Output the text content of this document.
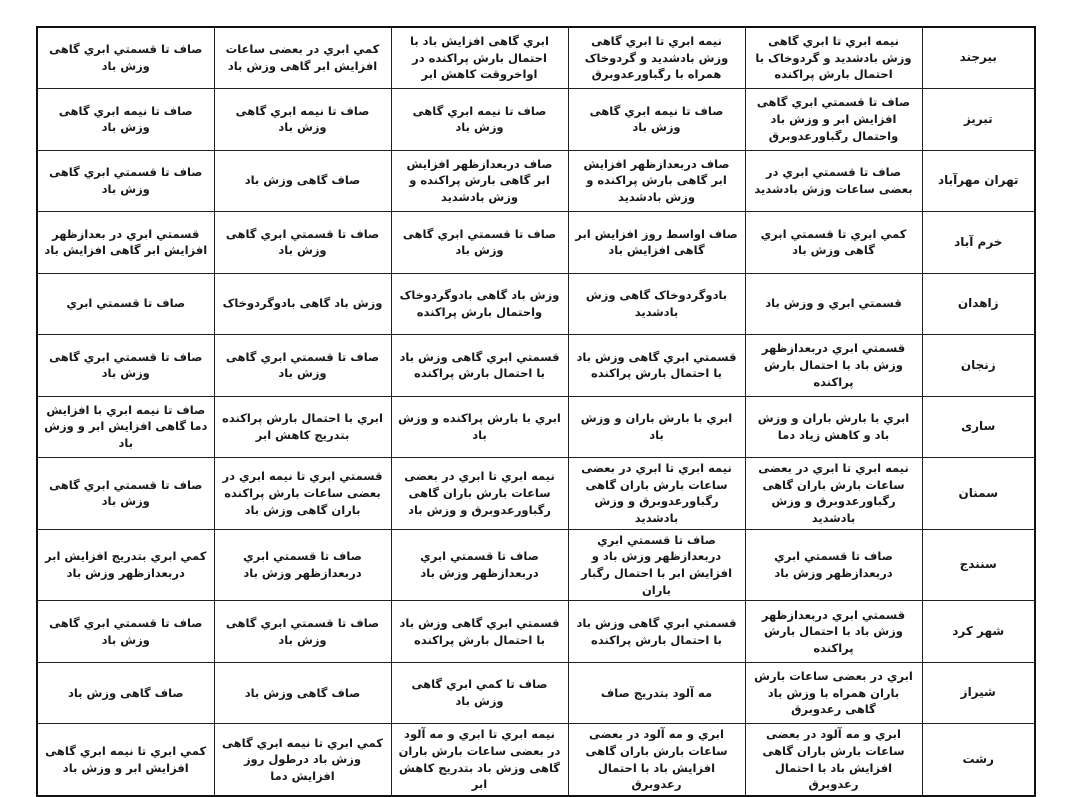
بیرجند	نیمه ابري تا ابري گاهی وزش بادشدید و گردوخاک با احتمال بارش پراکنده	نیمه ابري تا ابري گاهی وزش بادشدید و گردوخاک همراه با رگباورعدوبرق	ابري گاهی افزایش باد با احتمال بارش پراکنده در اواخروقت کاهش ابر	کمي ابري در بعضی ساعات افزایش ابر گاهی وزش باد	صاف تا قسمتي ابري گاهی وزش باد
تبریز	صاف تا قسمتي ابري گاهی افزایش ابر و وزش باد واحتمال رگباورعدوبرق	صاف تا نیمه ابري گاهی وزش باد	صاف تا نیمه ابري گاهی وزش باد	صاف تا نیمه ابري گاهی وزش باد	صاف تا نیمه ابري گاهی وزش باد
تهران مهرآباد	صاف تا قسمتي ابري در بعضی ساعات وزش بادشدید	صاف دربعدازظهر افزایش ابر گاهی بارش پراکنده و وزش بادشدید	صاف دربعدازظهر افزایش ابر گاهی بارش پراکنده و وزش بادشدید	صاف گاهی وزش باد	صاف تا قسمتي ابري گاهی وزش باد
خرم آباد	کمي ابري تا قسمتي ابري گاهی وزش باد	صاف اواسط روز افزایش ابر گاهی افزایش باد	صاف تا قسمتي ابري گاهی وزش باد	صاف تا قسمتي ابري گاهی وزش باد	قسمتي ابري در بعدازظهر افزایش ابر گاهی افزایش باد
زاهدان	قسمتي ابري و وزش باد	بادوگردوخاک گاهی وزش بادشدید	وزش باد گاهی بادوگردوخاک واحتمال بارش پراکنده	وزش باد گاهی بادوگردوخاک	صاف تا قسمتي ابري
زنجان	قسمتي ابري دربعدازظهر وزش باد با احتمال بارش پراکنده	قسمتي ابري گاهی وزش باد با احتمال بارش پراکنده	قسمتي ابري گاهی وزش باد با احتمال بارش پراکنده	صاف تا قسمتي ابري گاهی وزش باد	صاف تا قسمتي ابري گاهی وزش باد
ساری	ابري با بارش باران و وزش باد و کاهش زیاد دما	ابري با بارش باران و وزش باد	ابري با بارش پراکنده و وزش باد	ابري با احتمال بارش پراکنده بتدریج کاهش ابر	صاف تا نیمه ابري با افزایش دما گاهی افزایش ابر و وزش باد
سمنان	نیمه ابري تا ابري در بعضی ساعات بارش باران گاهی رگباورعدوبرق و وزش بادشدید	نیمه ابري تا ابري در بعضی ساعات بارش باران گاهی رگباورعدوبرق و وزش بادشدید	نیمه ابري تا ابري در بعضی ساعات بارش باران گاهی رگباورعدوبرق و وزش باد	قسمتي ابري تا نیمه ابري در بعضی ساعات بارش پراکنده باران گاهی وزش باد	صاف تا قسمتي ابري گاهی وزش باد
سنندج	صاف تا قسمتي ابري دربعدازظهر وزش باد	صاف تا قسمتي ابري دربعدازظهر وزش باد و افزایش ابر با احتمال رگبار باران	صاف تا قسمتي ابري دربعدازظهر وزش باد	صاف تا قسمتي ابري دربعدازظهر وزش باد	کمي ابري بتدریج افزایش ابر دربعدازظهر وزش باد
شهر کرد	قسمتي ابري دربعدازظهر وزش باد با احتمال بارش پراکنده	قسمتي ابري گاهی وزش باد با احتمال بارش پراکنده	قسمتي ابري گاهی وزش باد با احتمال بارش پراکنده	صاف تا قسمتي ابري گاهی وزش باد	صاف تا قسمتي ابري گاهی وزش باد
شیراز	ابري در بعضی ساعات بارش باران همراه با وزش باد گاهی رعدوبرق	مه آلود بتدریج صاف	صاف تا کمي ابري گاهی وزش باد	صاف گاهی وزش باد	صاف گاهی وزش باد
رشت	ابري و مه آلود در بعضی ساعات بارش باران گاهی افزایش باد با احتمال رعدوبرق	ابري و مه آلود در بعضی ساعات بارش باران گاهی افزایش باد با احتمال رعدوبرق	نیمه ابري تا ابري و مه آلود در بعضی ساعات بارش باران گاهی وزش باد بتدریج کاهش ابر	کمي ابري تا نیمه ابري گاهی وزش باد درطول روز افزایش دما	کمي ابري تا نیمه ابري گاهی افزایش ابر و وزش باد
